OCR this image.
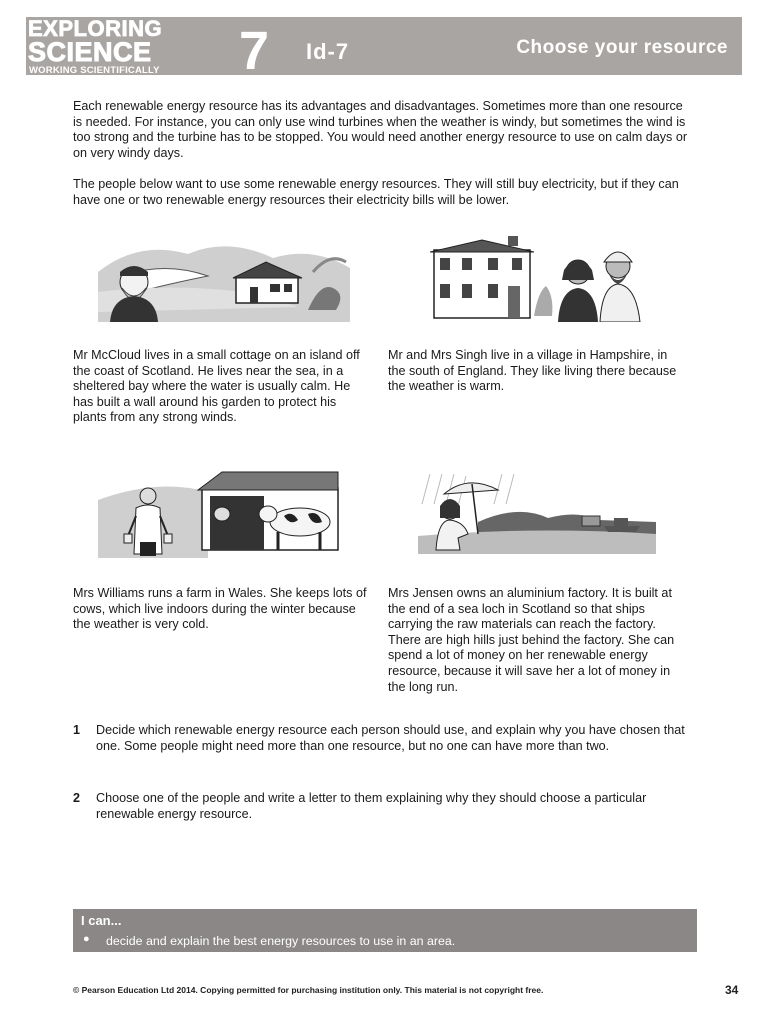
EXPLORING
SCIENCE
WORKING SCIENTIFICALLY 7 Id-7	Choose your resource

Each renewable energy resource has its advantages and disadvantages. Sometimes more than one resource is needed. For instance, you can only use wind turbines when the weather is windy, but sometimes the wind is too strong and the turbine has to be stopped. You would need another energy resource to use on calm days or on very windy days.

The people below want to use some renewable energy resources. They will still buy electricity, but if they can have one or two renewable energy resources their electricity bills will be lower.

Mr McCloud lives in a small cottage on an island off the coast of Scotland. He lives near the sea, in a sheltered bay where the water is usually calm. He has built a wall around his garden to protect his plants from any strong winds.

Mr and Mrs Singh live in a village in Hampshire, in the south of England. They like living there because the weather is warm.

Mrs Williams runs a farm in Wales. She keeps lots of cows, which live indoors during the winter because the weather is very cold.

Mrs Jensen owns an aluminium factory. It is built at the end of a sea loch in Scotland so that ships carrying the raw materials can reach the factory. There are high hills just behind the factory. She can spend a lot of money on her renewable energy resource, because it will save her a lot of money in the long run.

1 Decide which renewable energy resource each person should use, and explain why you have chosen that one. Some people might need more than one resource, but no one can have more than two.
2 Choose one of the people and write a letter to them explaining why they should choose a particular renewable energy resource.
I can...
● decide and explain the best energy resources to use in an area.
© Pearson Education Ltd 2014. Copying permitted for purchasing institution only. This material is not copyright free.	34
